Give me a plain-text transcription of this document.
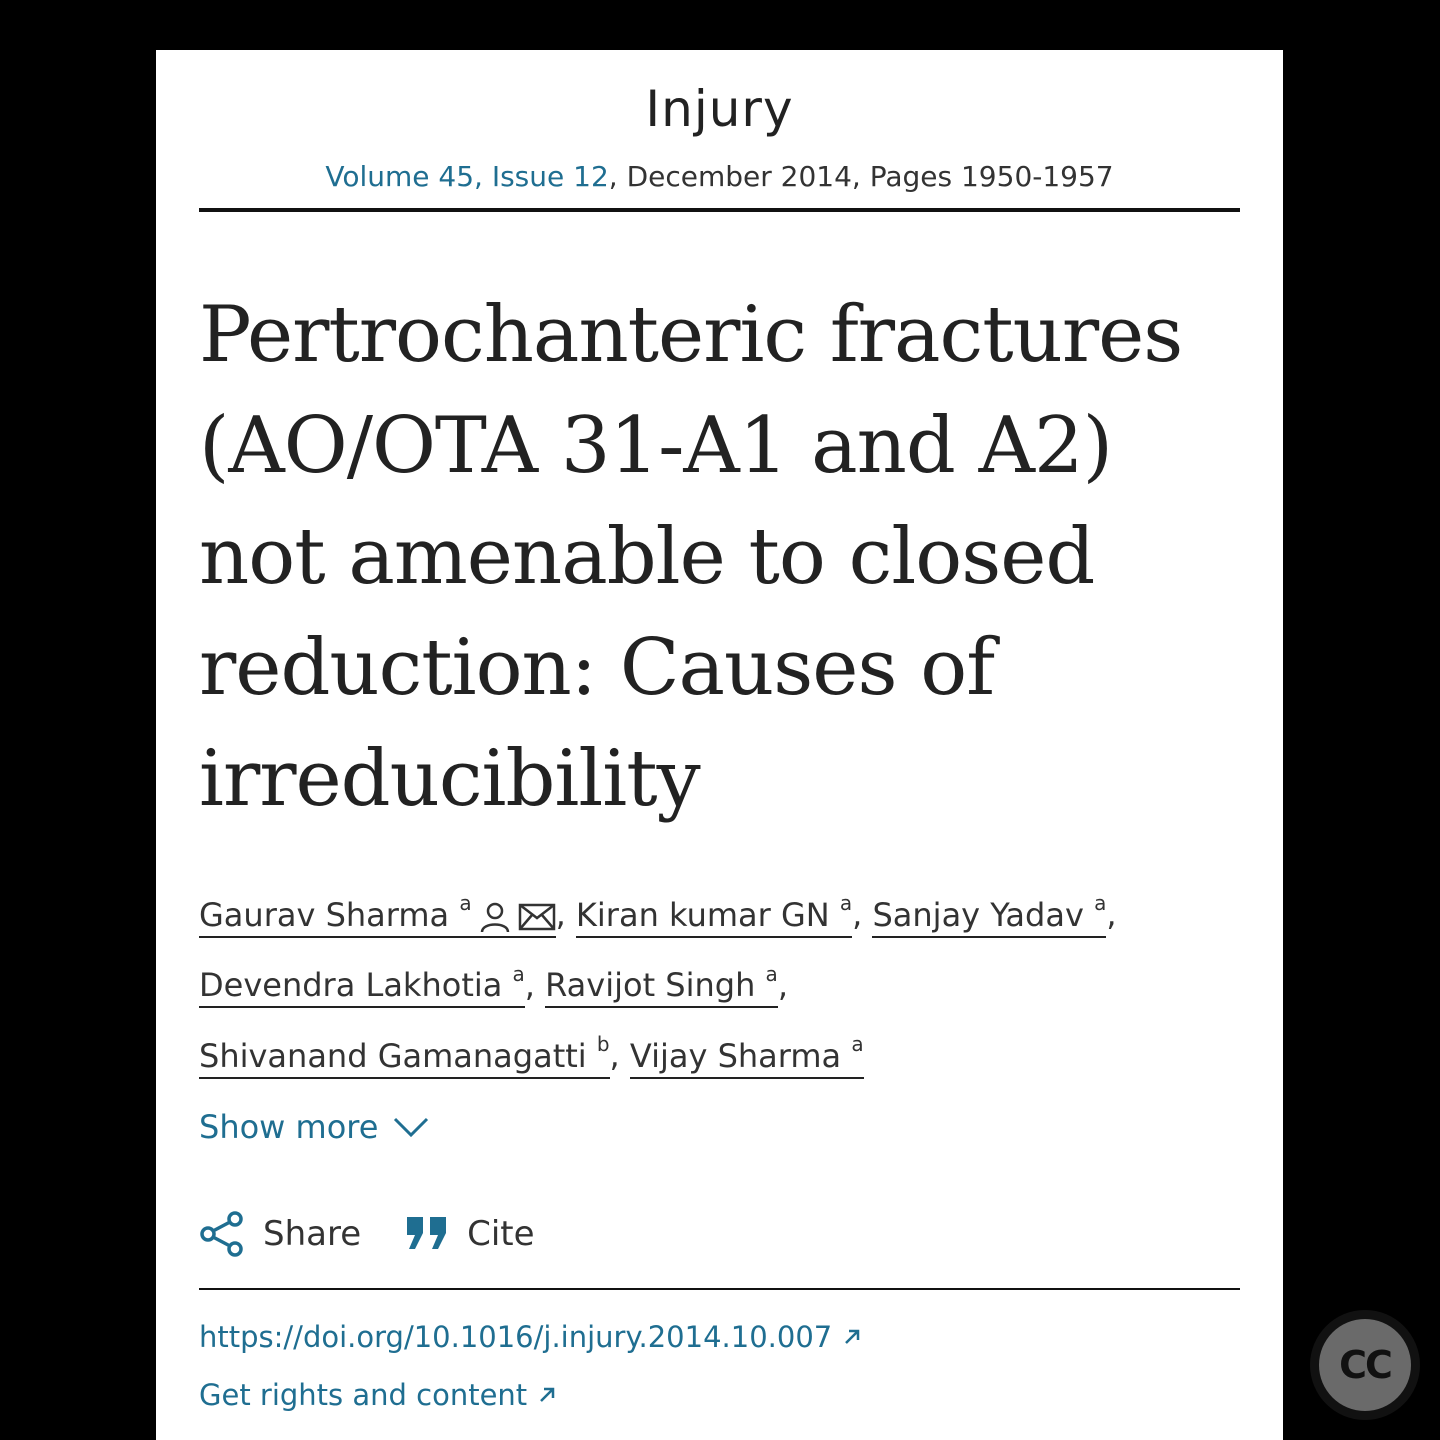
Injury
Volume 45, Issue 12, December 2014, Pages 1950-1957
Pertrochanteric fractures (AO/OTA 31-A1 and A2) not amenable to closed reduction: Causes of irreducibility
Gaurav Sharma $^a$	, Kiran kumar GN $^a$, Sanjay Yadav $^a$,
Devendra Lakhotia $^a$, Ravijot Singh $^a$,
Shivanand Gamanagatti $^b$, Vijay Sharma $^a$
Show more
Share	Cite
https://doi.org/10.1016/j.injury.2014.10.007
Get rights and content
CC
